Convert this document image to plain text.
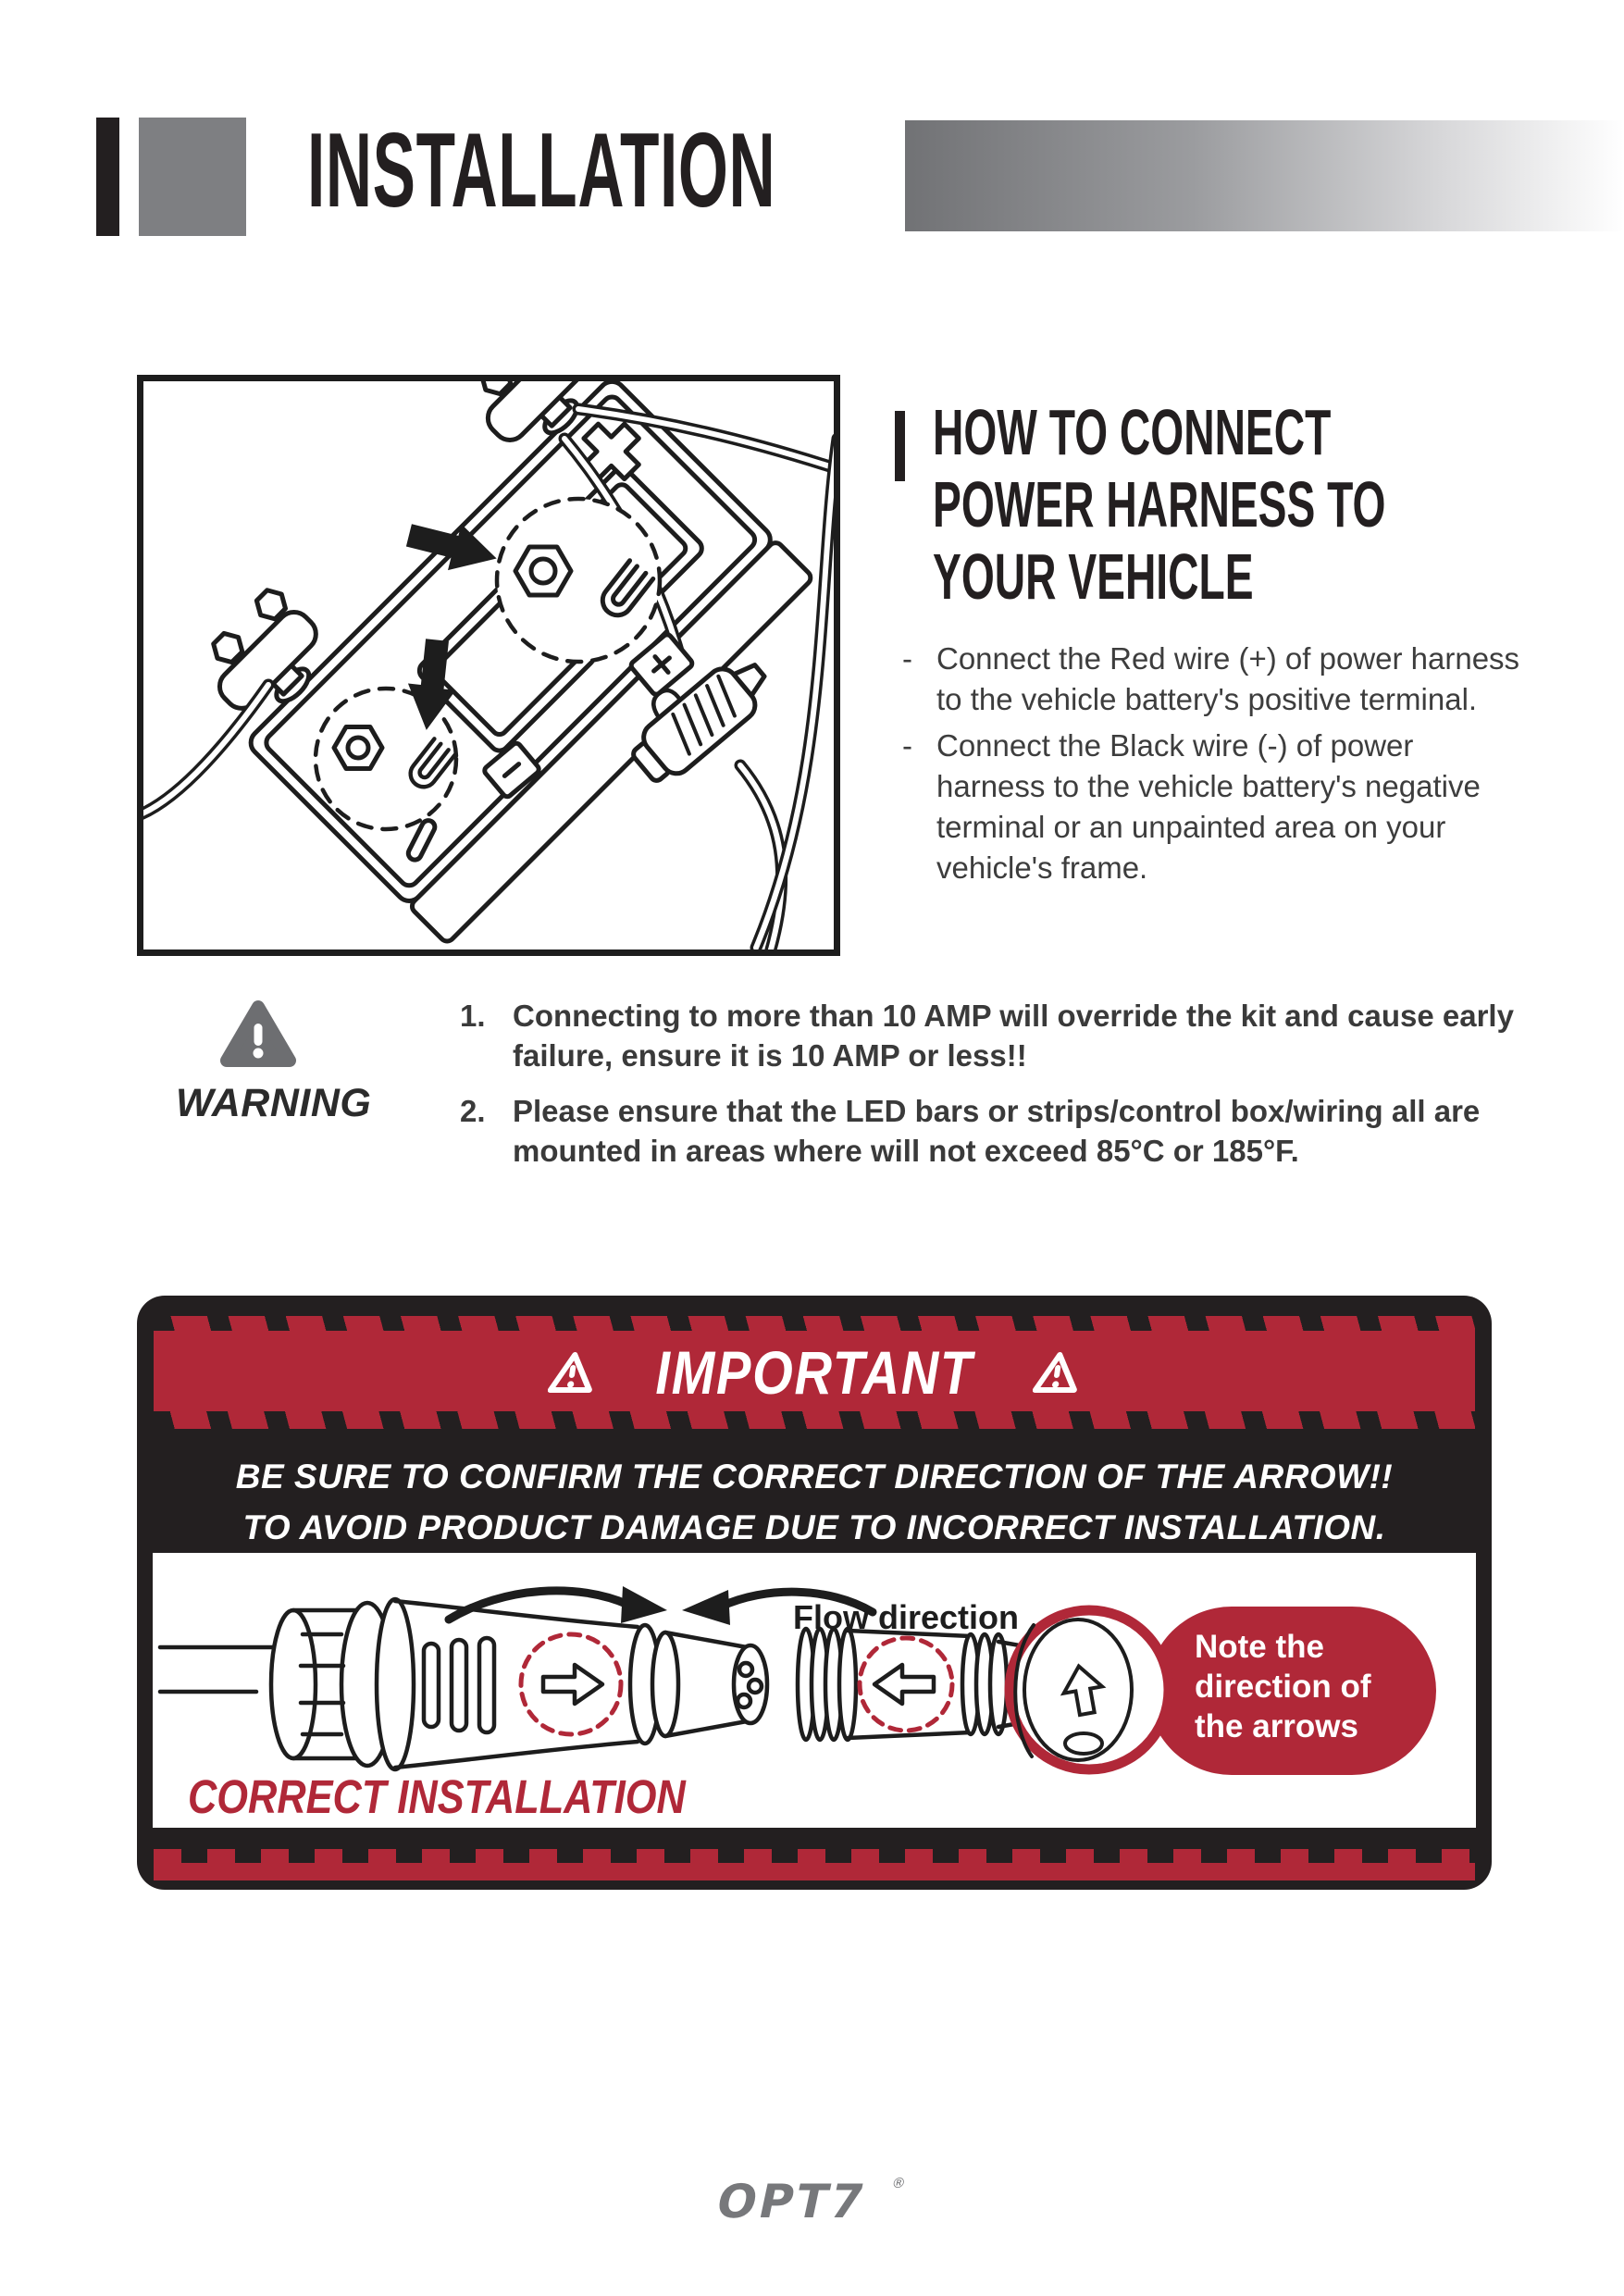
INSTALLATION
HOW TO CONNECT
POWER HARNESS TO
YOUR VEHICLE
- Connect the Red wire (+) of power harness to the vehicle battery's positive terminal.
- Connect the Black wire (-) of power harness to the vehicle battery's negative terminal or an unpainted area on your vehicle's frame.
WARNING
1. Connecting to more than 10 AMP will override the kit and cause early failure, ensure it is 10 AMP or less!!
2. Please ensure that the LED bars or strips/control box/wiring all are mounted in areas where will not exceed 85°C or 185°F.
IMPORTANT
BE SURE TO CONFIRM THE CORRECT DIRECTION OF THE ARROW!!
TO AVOID PRODUCT DAMAGE DUE TO INCORRECT INSTALLATION.
Note the
direction of
the arrows
Flow direction
CORRECT INSTALLATION
OPT7 ®
